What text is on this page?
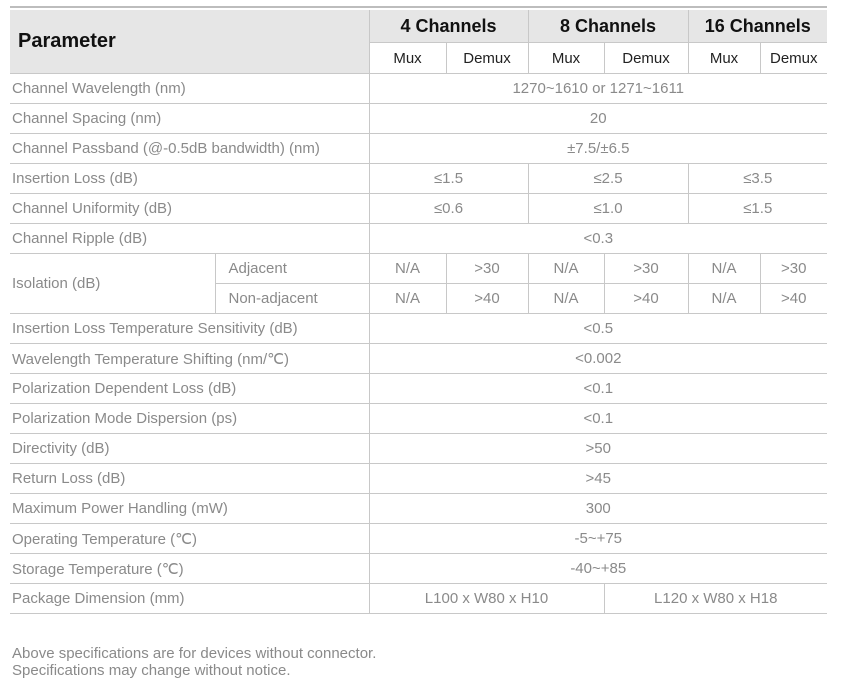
Parameter		4 Channels		8 Channels		16 Channels	
		Mux	Demux	Mux	Demux	Mux	Demux
Channel Wavelength (nm)		1270~1610 or 1271~1611					
Channel Spacing (nm)		20					
Channel Passband (@-0.5dB bandwidth) (nm)		±7.5/±6.5					
Insertion Loss (dB)		≤1.5		≤2.5		≤3.5	
Channel Uniformity (dB)		≤0.6		≤1.0		≤1.5	
Channel Ripple (dB)		<0.3					
Isolation (dB)	Adjacent	N/A	>30	N/A	>30	N/A	>30
	Non-adjacent	N/A	>40	N/A	>40	N/A	>40
Insertion Loss Temperature Sensitivity (dB)		<0.5					
Wavelength Temperature Shifting (nm/℃)		<0.002					
Polarization Dependent Loss (dB)		<0.1					
Polarization Mode Dispersion (ps)		<0.1					
Directivity (dB)		>50					
Return Loss (dB)		>45					
Maximum Power Handling (mW)		300					
Operating Temperature (℃)		-5~+75					
Storage Temperature (℃)		-40~+85					
Package Dimension (mm)		L100 x W80 x H10			L120 x W80 x H18		
Above specifications are for devices without connector.
Specifications may change without notice.
